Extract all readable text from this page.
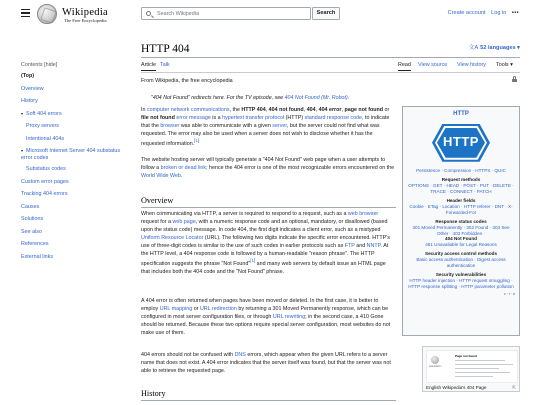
Wikipedia
The Free Encyclopedia
Search Wikipedia	Search	Create account Log in •••
Contents [hide]
(Top)
Overview
History
▾ Soft 404 errors
Proxy servers
Intentional 404s
▾ Microsoft Internet Server 404 substatus error codes
Substatus codes
Custom error pages
Tracking 404 errors
Causes
Solutions
See also
References
External links
HTTP 404	文A 52 languages ▾
Article Talk	Read View source View history Tools ▾
From Wikipedia, the free encyclopedia
"404 Not Found" redirects here. For the TV episode, see 404 Not Found (Mr. Robot).
In computer network communications, the HTTP 404, 404 not found, 404, 404 error, page not found or file not found error message is a hypertext transfer protocol (HTTP) standard response code, to indicate that the browser was able to communicate with a given server, but the server could not find what was requested. The error may also be used when a server does not wish to disclose whether it has the requested information.[1]
The website hosting server will typically generate a "404 Not Found" web page when a user attempts to follow a broken or dead link; hence the 404 error is one of the most recognizable errors encountered on the World Wide Web.
Overview
When communicating via HTTP, a server is required to respond to a request, such as a web browser request for a web page, with a numeric response code and an optional, mandatory, or disallowed (based upon the status code) message. In code 404, the first digit indicates a client error, such as a mistyped Uniform Resource Locator (URL). The following two digits indicate the specific error encountered. HTTP's use of three-digit codes is similar to the use of such codes in earlier protocols such as FTP and NNTP. At the HTTP level, a 404 response code is followed by a human-readable "reason phrase". The HTTP specification suggests the phrase "Not Found"[1] and many web servers by default issue an HTML page that includes both the 404 code and the "Not Found" phrase.
A 404 error is often returned when pages have been moved or deleted. In the first case, it is better to employ URL mapping or URL redirection by returning a 301 Moved Permanently response, which can be configured in most server configuration files, or through URL rewriting; in the second case, a 410 Gone should be returned. Because these two options require special server configuration, most websites do not make use of them.
404 errors should not be confused with DNS errors, which appear when the given URL refers to a server name that does not exist. A 404 error indicates that the server itself was found, but that the server was not able to retrieve the requested page.
History
HTTP
HTTP
Persistence · Compression · HTTPS · QUIC
Request methods
OPTIONS · GET · HEAD · POST · PUT · DELETE · TRACE · CONNECT · PATCH
Header fields
Cookie · ETag · Location · HTTP referer · DNT · X-Forwarded-For
Response status codes
301 Moved Permanently · 302 Found · 303 See Other · 403 Forbidden ·
404 Not Found
451 Unavailable for Legal Reasons
Security access control methods
Basic access authentication · Digest access authentication
Security vulnerabilities
HTTP header injection · HTTP request smuggling · HTTP response splitting · HTTP parameter pollution
v · t · e
WIKIPEDIA
Page not found
English Wikipedia's 404 Page	⇱
